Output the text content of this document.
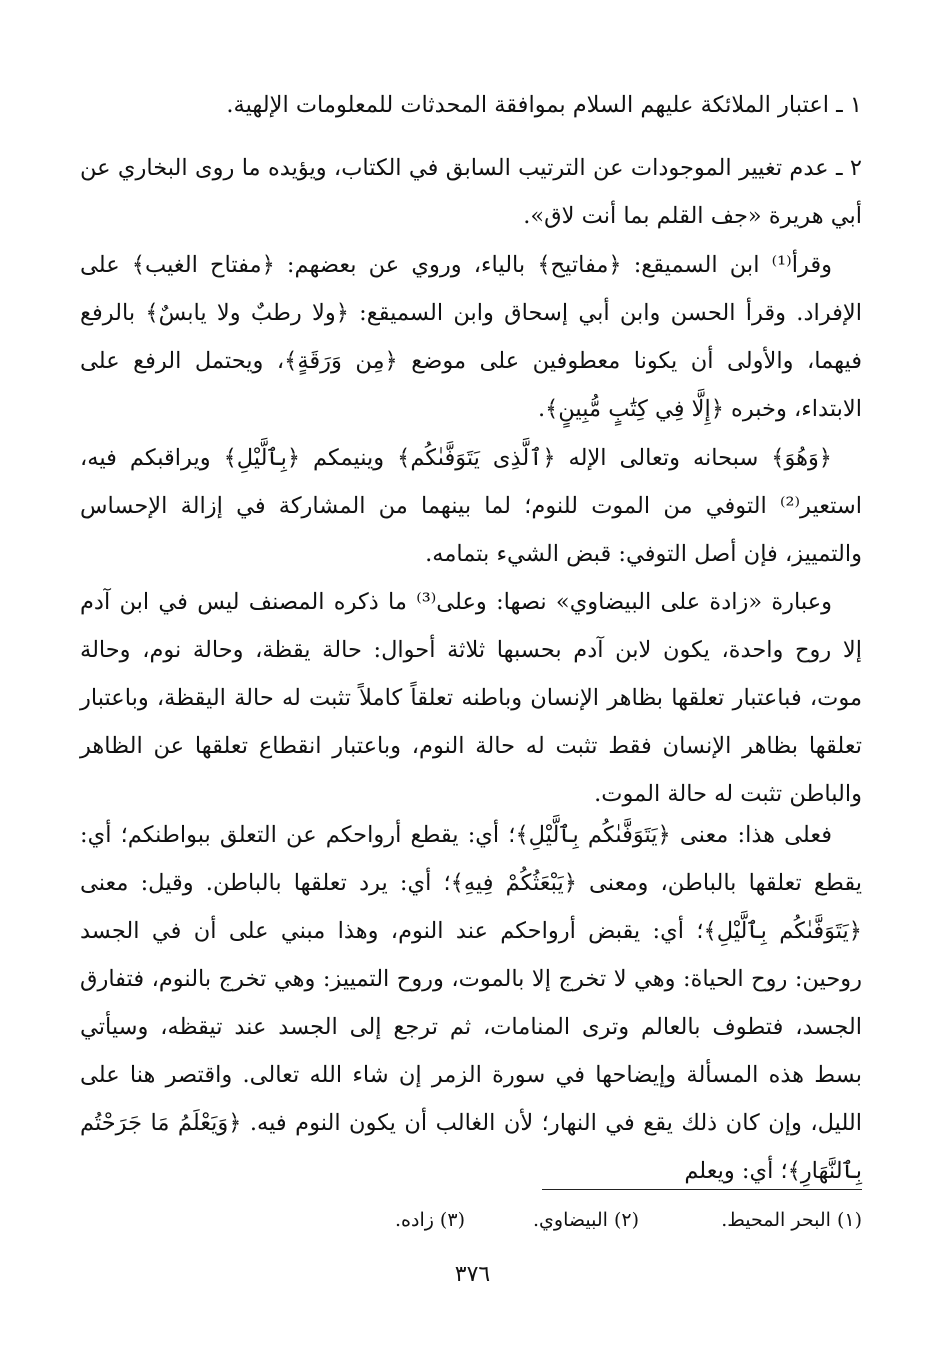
١ ـ اعتبار الملائكة عليهم السلام بموافقة المحدثات للمعلومات الإلهية.

٢ ـ عدم تغيير الموجودات عن الترتيب السابق في الكتاب، ويؤيده ما روى البخاري عن أبي هريرة «جف القلم بما أنت لاق».

وقرأ⁽¹⁾ ابن السميقع: ﴿مفاتيح﴾ بالياء، وروي عن بعضهم: ﴿مفتاح الغيب﴾ على الإفراد. وقرأ الحسن وابن أبي إسحاق وابن السميقع: ﴿ولا رطبٌ ولا يابسٌ﴾ بالرفع فيهما، والأولى أن يكونا معطوفين على موضع ﴿مِن وَرَقَةٍ﴾، ويحتمل الرفع على الابتداء، وخبره ﴿إِلَّا فِي كِتَٰبٍ مُّبِينٍ﴾.

﴿وَهُوَ﴾ سبحانه وتعالى الإله ﴿ٱلَّذِى يَتَوَفَّىٰكُم﴾ وينيمكم ﴿بِٱلَّيْلِ﴾ ويراقبكم فيه، استعير⁽²⁾ التوفي من الموت للنوم؛ لما بينهما من المشاركة في إزالة الإحساس والتمييز، فإن أصل التوفي: قبض الشيء بتمامه.

وعبارة «زادة على البيضاوي» نصها: وعلى⁽³⁾ ما ذكره المصنف ليس في ابن آدم إلا روح واحدة، يكون لابن آدم بحسبها ثلاثة أحوال: حالة يقظة، وحالة نوم، وحالة موت، فباعتبار تعلقها بظاهر الإنسان وباطنه تعلقاً كاملاً تثبت له حالة اليقظة، وباعتبار تعلقها بظاهر الإنسان فقط تثبت له حالة النوم، وباعتبار انقطاع تعلقها عن الظاهر والباطن تثبت له حالة الموت.

فعلى هذا: معنى ﴿يَتَوَفَّىٰكُم بِٱلَّيْلِ﴾؛ أي: يقطع أرواحكم عن التعلق ببواطنكم؛ أي: يقطع تعلقها بالباطن، ومعنى ﴿يَبْعَثُكُمْ فِيهِ﴾؛ أي: يرد تعلقها بالباطن. وقيل: معنى ﴿يَتَوَفَّىٰكُم بِٱلَّيْلِ﴾؛ أي: يقبض أرواحكم عند النوم، وهذا مبني على أن في الجسد روحين: روح الحياة: وهي لا تخرج إلا بالموت، وروح التمييز: وهي تخرج بالنوم، فتفارق الجسد، فتطوف بالعالم وترى المنامات، ثم ترجع إلى الجسد عند تيقظه، وسيأتي بسط هذه المسألة وإيضاحها في سورة الزمر إن شاء الله تعالى. واقتصر هنا على الليل، وإن كان ذلك يقع في النهار؛ لأن الغالب أن يكون النوم فيه. ﴿وَيَعْلَمُ مَا جَرَحْتُم بِٱلنَّهَارِ﴾؛ أي: ويعلم

(١) البحر المحيط.
(٢) البيضاوي.
(٣) زاده.
٣٧٦
